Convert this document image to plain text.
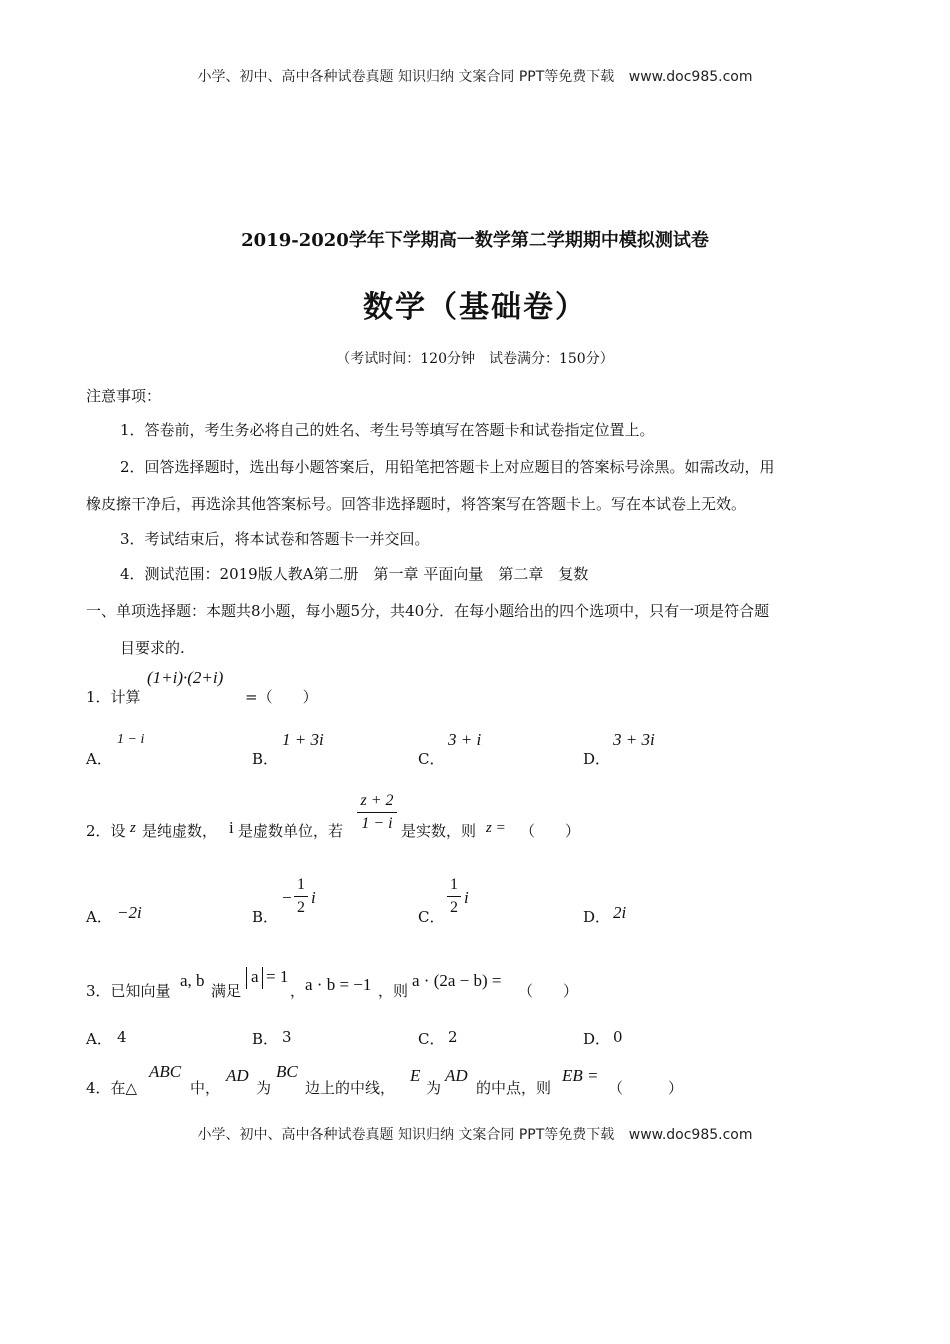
小学、初中、高中各种试卷真题 知识归纳 文案合同 PPT等免费下载 www.doc985.com
2019-2020学年下学期高一数学第二学期期中模拟测试卷
数学（基础卷）
（考试时间：120分钟　试卷满分：150分）
注意事项：
1．答卷前，考生务必将自己的姓名、考生号等填写在答题卡和试卷指定位置上。
2．回答选择题时，选出每小题答案后，用铅笔把答题卡上对应题目的答案标号涂黑。如需改动，用
橡皮擦干净后，再选涂其他答案标号。回答非选择题时，将答案写在答题卡上。写在本试卷上无效。
3．考试结束后，将本试卷和答题卡一并交回。
4．测试范围：2019版人教A第二册　第一章 平面向量　第二章　复数
一、单项选择题：本题共8小题，每小题5分，共40分．在每小题给出的四个选项中，只有一项是符合题
目要求的.
1．计算
(1+i)·(2+i)
=（　　）
A．
1 − i
B．
1 + 3i
C．
3 + i
D．
3 + 3i
2．设 z 是纯虚数， i 是虚数单位，若
z + 2
1 − i 是实数，则 z = （　　）
A． −2i	B．
−
1
2
i
C．
1
2
i
D． 2i
3．已知向量
a, b
满足
a = 1
， a · b = −1 ，则
a · (2a − b) =
（　　）
A． 4	B． 3	C． 2	D． 0
4．在△
ABC
中，
AD
为
BC
边上的中线，
E
为
AD
的中点，则
EB =
（　　　）
小学、初中、高中各种试卷真题 知识归纳 文案合同 PPT等免费下载 www.doc985.com
